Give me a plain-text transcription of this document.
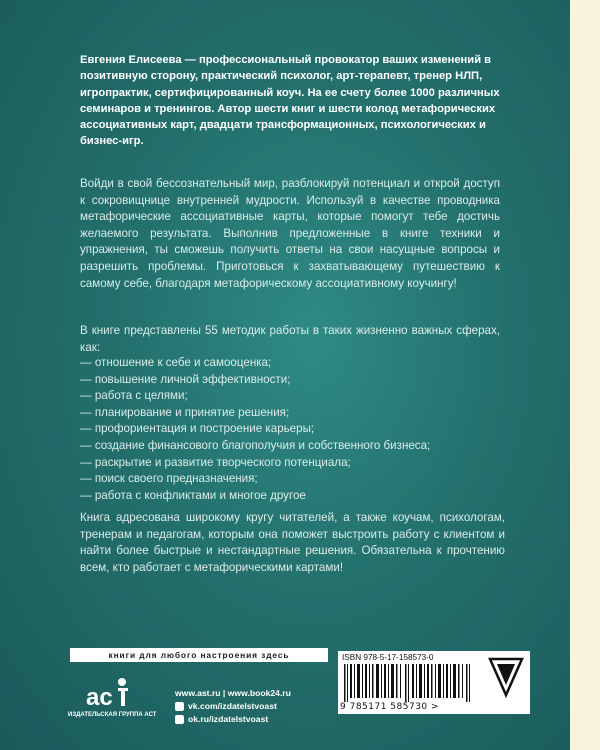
Евгения Елисеева — профессиональный провокатор ваших изменений в позитивную сторону, практический психолог, арт-терапевт, тренер НЛП, игропрактик, сертифицированный коуч. На ее счету более 1000 различных семинаров и тренингов. Автор шести книг и шести колод метафорических ассоциативных карт, двадцати трансформационных, психологических и бизнес-игр.

Войди в свой бессознательный мир, разблокируй потенциал и открой доступ к сокровищнице внутренней мудрости. Используй в качестве проводника метафорические ассоциативные карты, которые помогут тебе достичь желаемого результата. Выполнив предложенные в книге техники и упражнения, ты сможешь получить ответы на свои насущные вопросы и разрешить проблемы. Приготовься к захватывающему путешествию к самому себе, благодаря метафорическому ассоциативному коучингу!

В книге представлены 55 методик работы в таких жизненно важных сферах, как:

— отношение к себе и самооценка;
— повышение личной эффективности;
— работа с целями;
— планирование и принятие решения;
— профориентация и построение карьеры;
— создание финансового благополучия и собственного бизнеса;
— раскрытие и развитие творческого потенциала;
— поиск своего предназначения;
— работа с конфликтами и многое другое

Книга адресована широкому кругу читателей, а также коучам, психологам, тренерам и педагогам, которым она поможет выстроить работу с клиентом и найти более быстрые и нестандартные решения. Обязательна к прочтению всем, кто работает с метафорическими картами!

книги для любого настроения здесь
ас
ИЗДАТЕЛЬСКАЯ ГРУППА АСТ
www.ast.ru | www.book24.ru
vk.com/izdatelstvoast
ok.ru/izdatelstvoast
ISBN 978-5-17-158573-0
9 785171 585730 >
